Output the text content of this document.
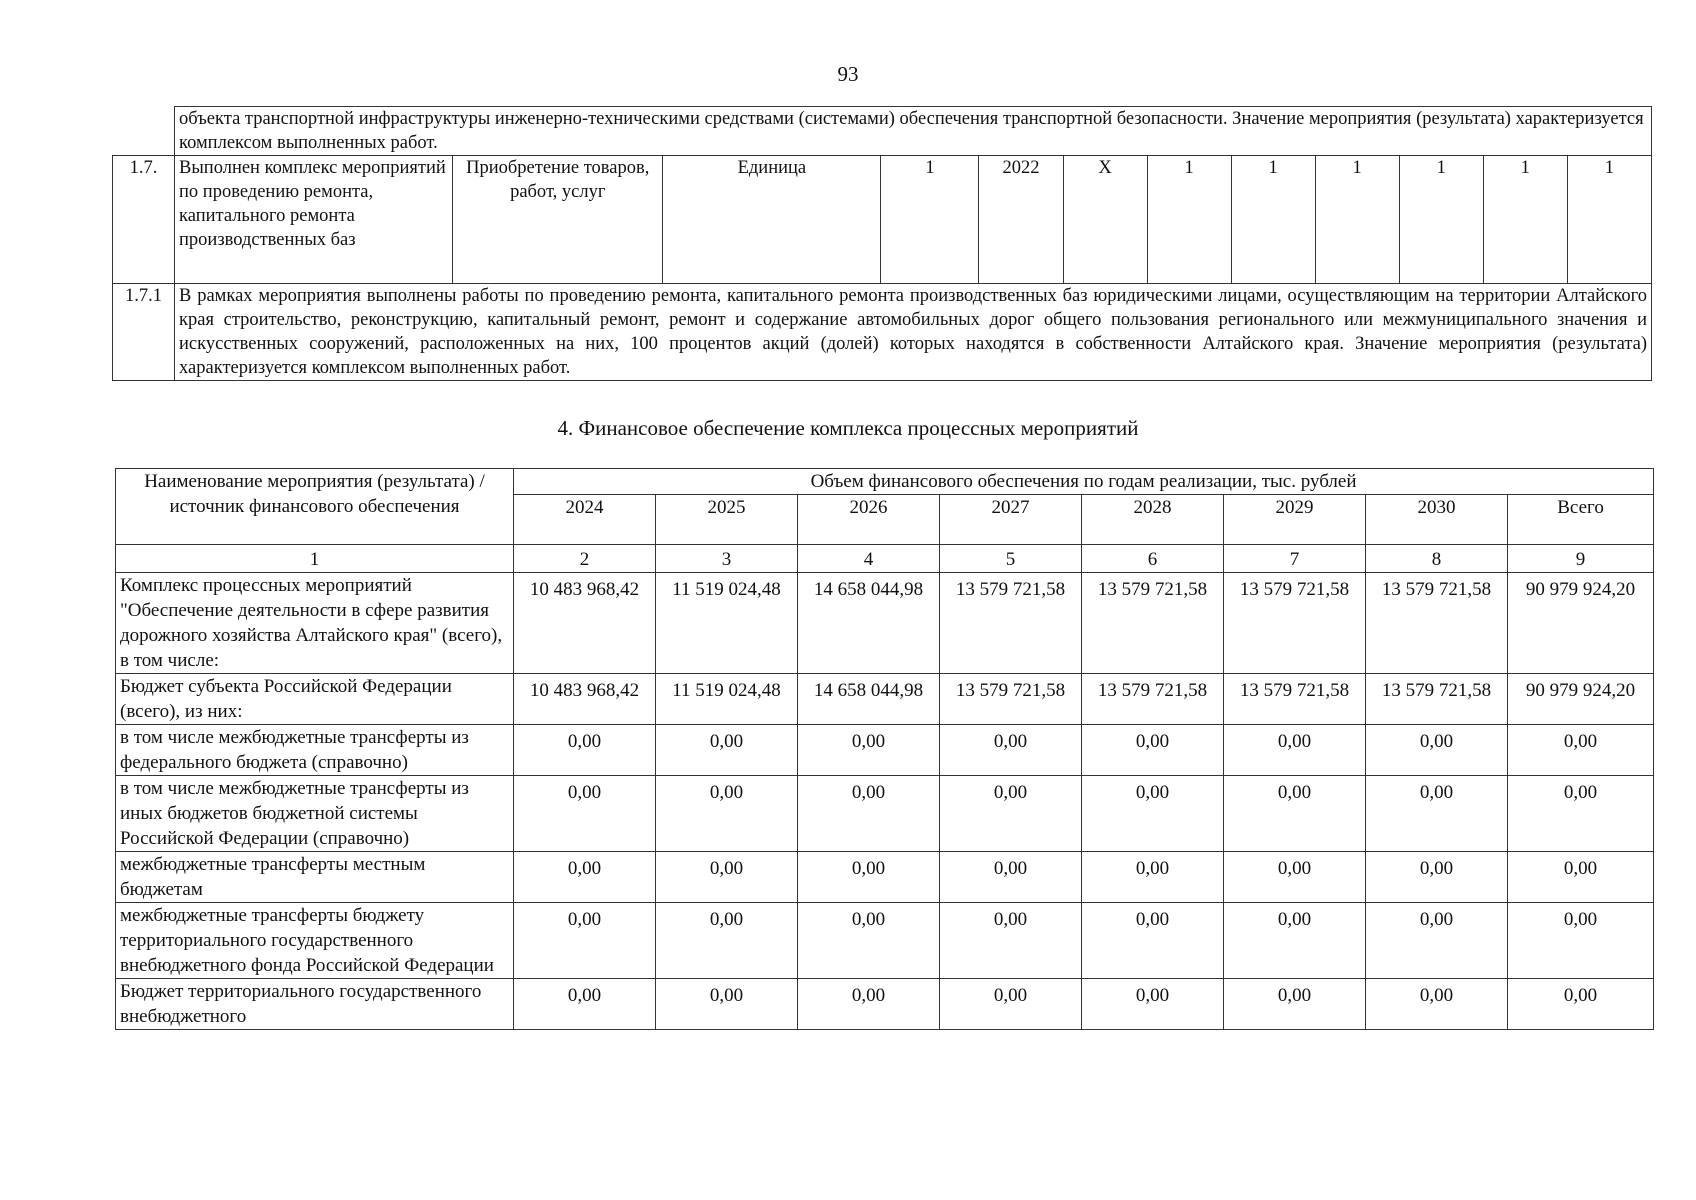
93
	объекта транспортной инфраструктуры инженерно-техническими средствами (системами) обеспечения транспортной безопасности. Значение мероприятия (результата) характеризуется комплексом выполненных работ.											
1.7.	Выполнен комплекс мероприятий по проведению ремонта, капитального ремонта производственных баз	Приобретение товаров, работ, услуг	Единица	1	2022	X	1	1	1	1	1	1
1.7.1	В рамках мероприятия выполнены работы по проведению ремонта, капитального ремонта производственных баз юридическими лицами, осуществляющим на территории Алтайского края строительство, реконструкцию, капитальный ремонт, ремонт и содержание автомобильных дорог общего пользования регионального или межмуниципального значения и искусственных сооружений, расположенных на них, 100 процентов акций (долей) которых находятся в собственности Алтайского края. Значение мероприятия (результата) характеризуется комплексом выполненных работ.											
4. Финансовое обеспечение комплекса процессных мероприятий
Наименование мероприятия (результата) / источник финансового обеспечения	Объем финансового обеспечения по годам реализации, тыс. рублей							
	2024	2025	2026	2027	2028	2029	2030	Всего
1	2	3	4	5	6	7	8	9
Комплекс процессных мероприятий "Обеспечение деятельности в сфере развития дорожного хозяйства Алтайского края" (всего), в том числе:	10 483 968,42	11 519 024,48	14 658 044,98	13 579 721,58	13 579 721,58	13 579 721,58	13 579 721,58	90 979 924,20
Бюджет субъекта Российской Федерации (всего), из них:	10 483 968,42	11 519 024,48	14 658 044,98	13 579 721,58	13 579 721,58	13 579 721,58	13 579 721,58	90 979 924,20
в том числе межбюджетные трансферты из федерального бюджета (справочно)	0,00	0,00	0,00	0,00	0,00	0,00	0,00	0,00
в том числе межбюджетные трансферты из иных бюджетов бюджетной системы Российской Федерации (справочно)	0,00	0,00	0,00	0,00	0,00	0,00	0,00	0,00
межбюджетные трансферты местным бюджетам	0,00	0,00	0,00	0,00	0,00	0,00	0,00	0,00
межбюджетные трансферты бюджету территориального государственного внебюджетного фонда Российской Федерации	0,00	0,00	0,00	0,00	0,00	0,00	0,00	0,00
Бюджет территориального государственного внебюджетного	0,00	0,00	0,00	0,00	0,00	0,00	0,00	0,00
